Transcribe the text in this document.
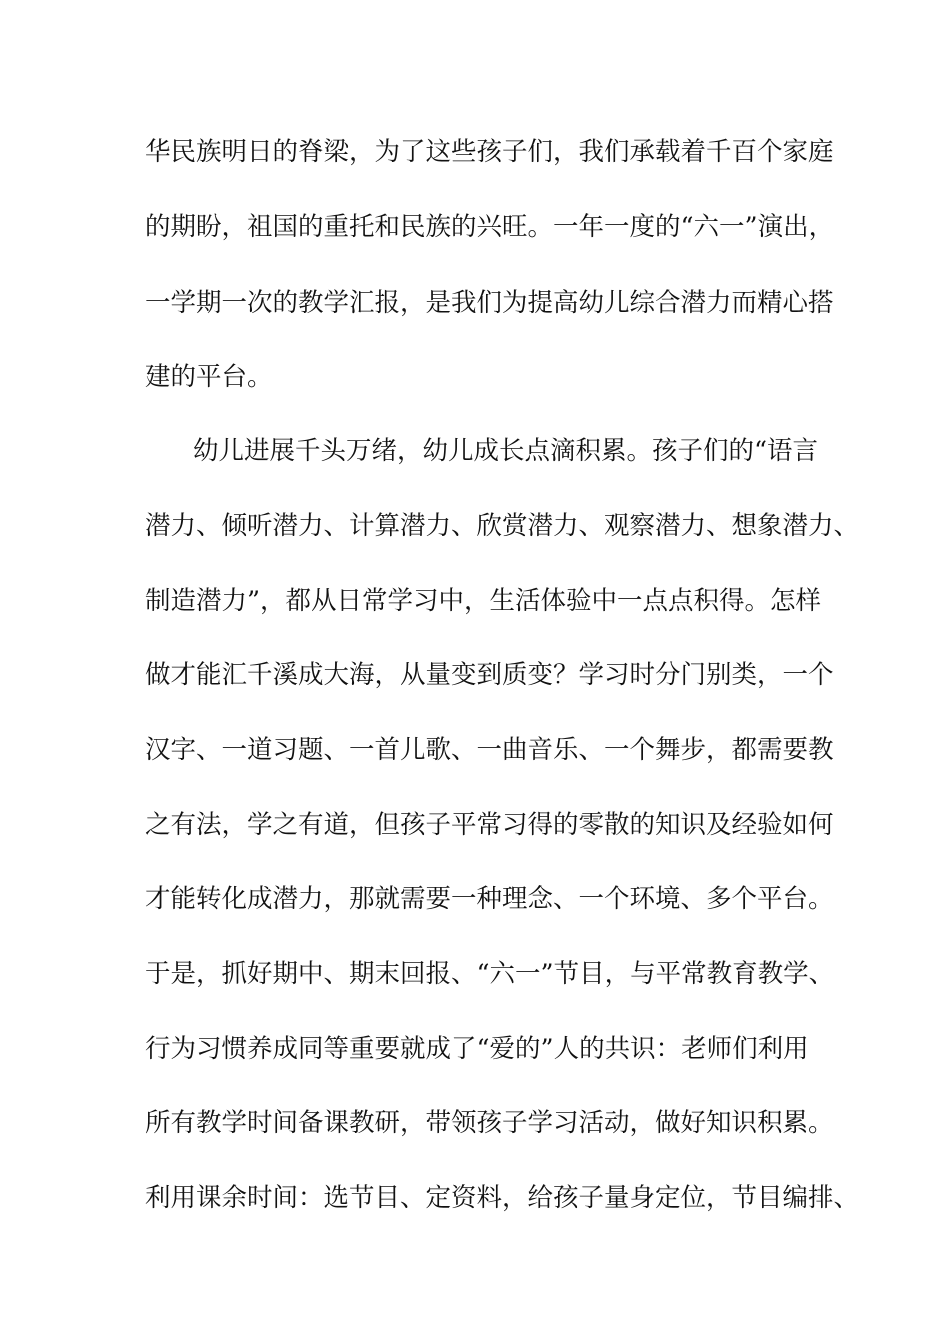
华民族明日的脊梁，为了这些孩子们，我们承载着千百个家庭
的期盼，祖国的重托和民族的兴旺。一年一度的“六一”演出，
一学期一次的教学汇报，是我们为提高幼儿综合潜力而精心搭
建的平台。
幼儿进展千头万绪，幼儿成长点滴积累。孩子们的“语言
潜力、倾听潜力、计算潜力、欣赏潜力、观察潜力、想象潜力、
制造潜力”，都从日常学习中，生活体验中一点点积得。怎样
做才能汇千溪成大海，从量变到质变？学习时分门别类，一个
汉字、一道习题、一首儿歌、一曲音乐、一个舞步，都需要教
之有法，学之有道，但孩子平常习得的零散的知识及经验如何
才能转化成潜力，那就需要一种理念、一个环境、多个平台。
于是，抓好期中、期末回报、“六一”节目，与平常教育教学、
行为习惯养成同等重要就成了“爱的”人的共识：老师们利用
所有教学时间备课教研，带领孩子学习活动，做好知识积累。
利用课余时间：选节目、定资料，给孩子量身定位，节目编排、
